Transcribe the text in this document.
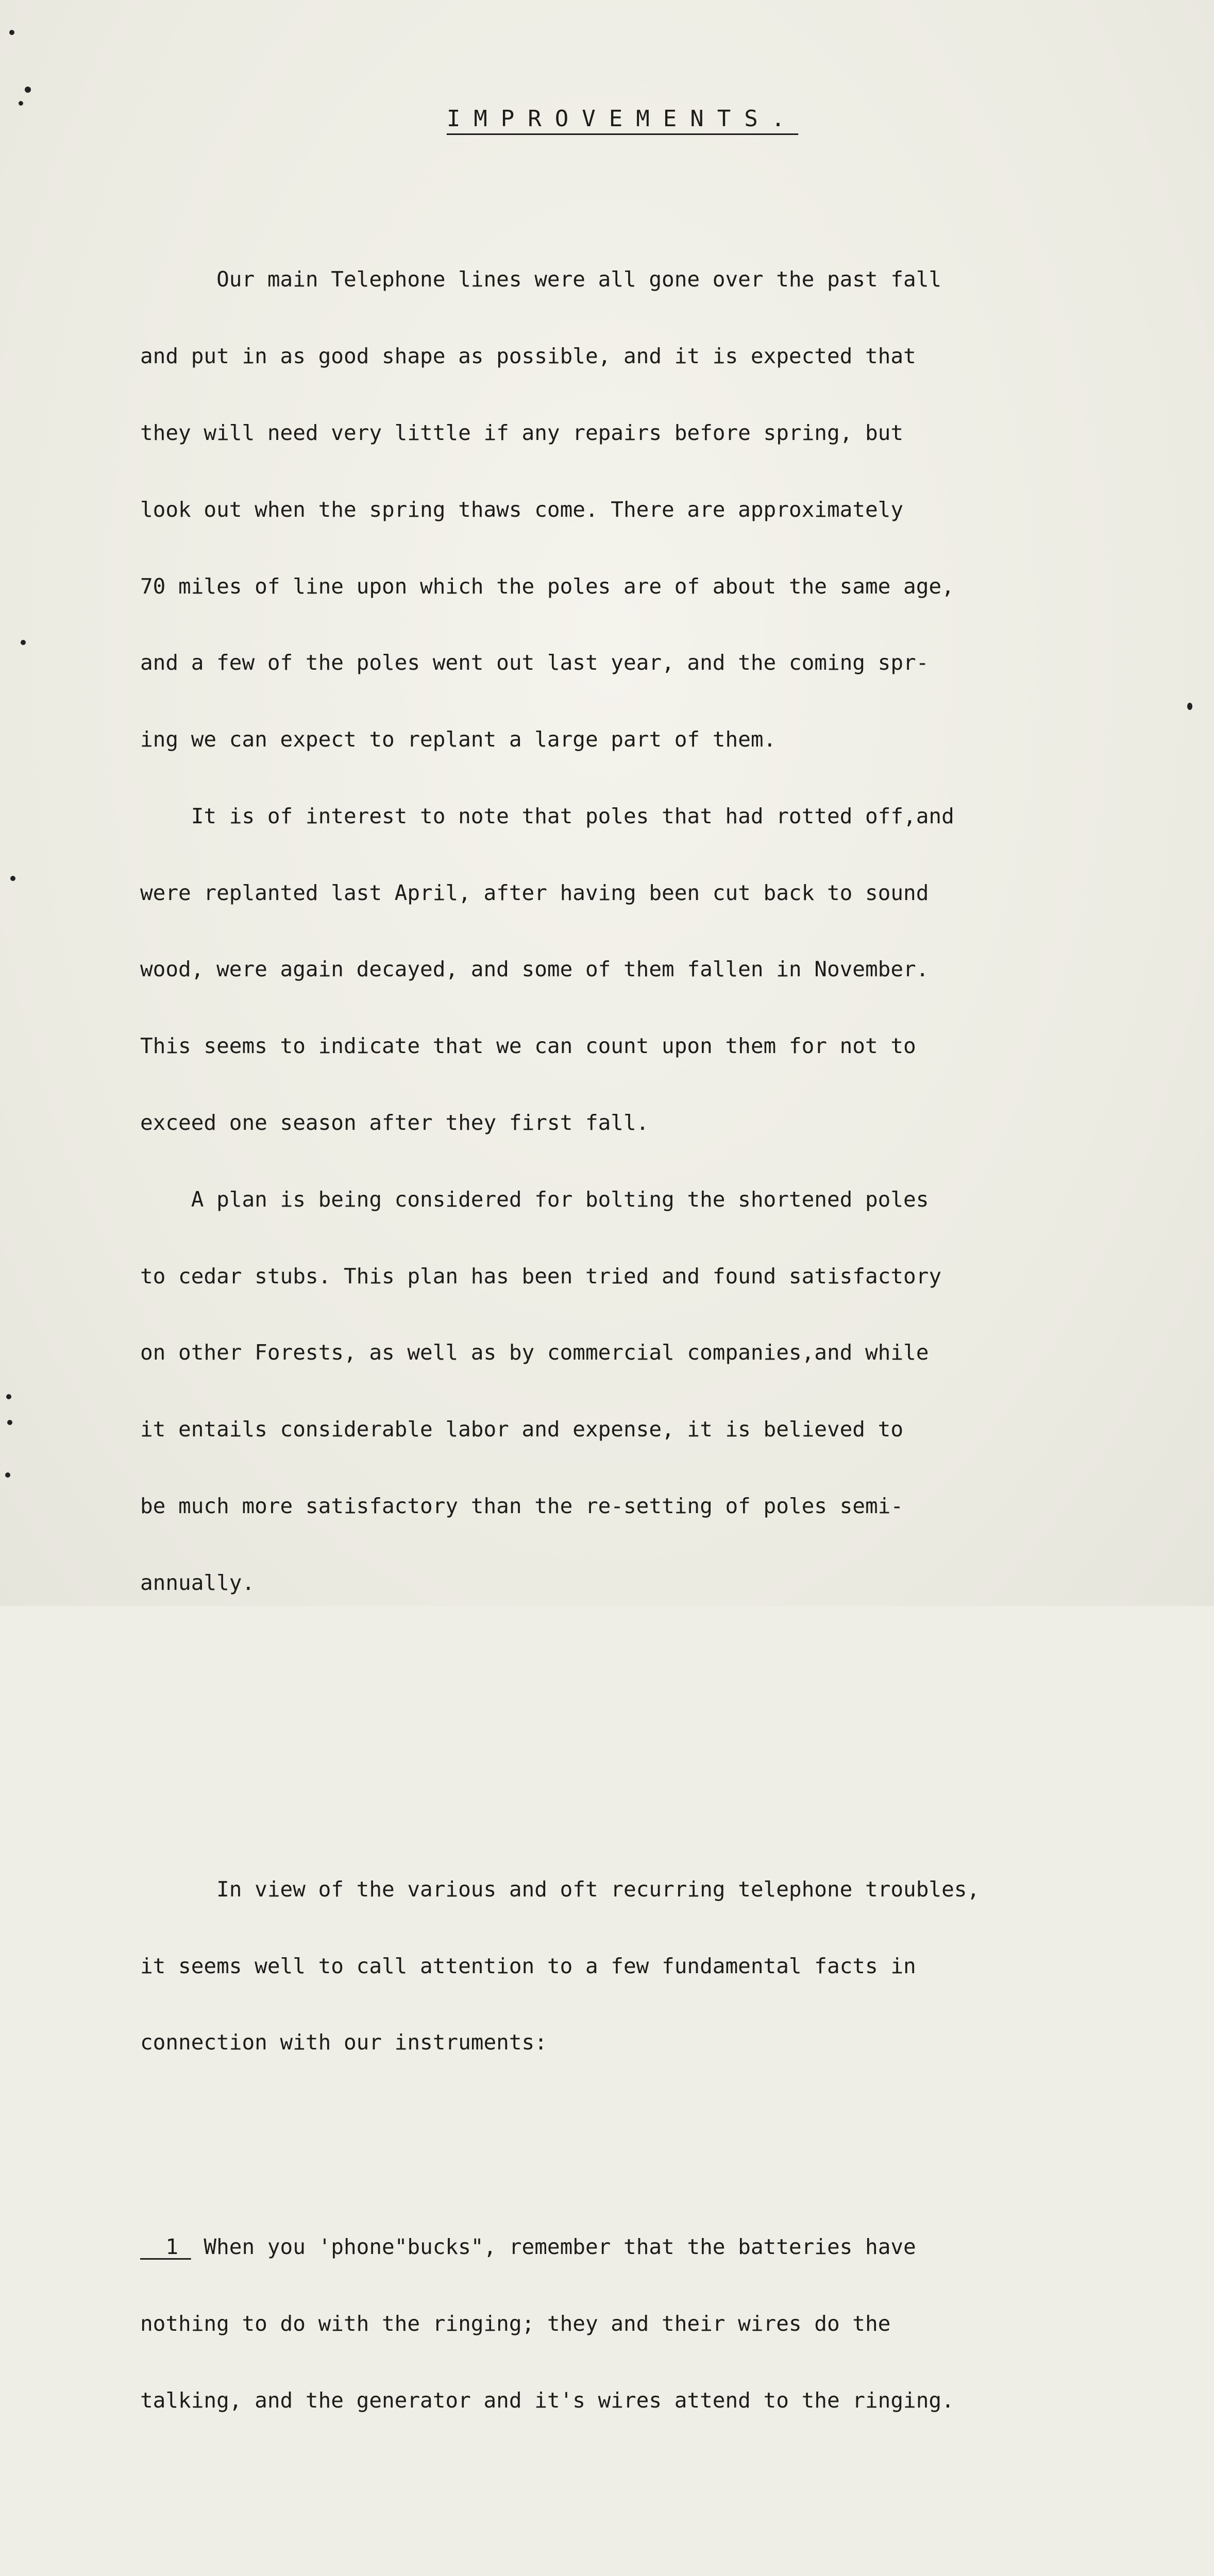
IMPROVEMENTS.

Our main Telephone lines were all gone over the past fall

and put in as good shape as possible, and it is expected that

they will need very little if any repairs before spring, but

look out when the spring thaws come. There are approximately

70 miles of line upon which the poles are of about the same age,

and a few of the poles went out last year, and the coming spr-

ing we can expect to replant a large part of them.

It is of interest to note that poles that had rotted off,and

were replanted last April, after having been cut back to sound

wood, were again decayed, and some of them fallen in November.

This seems to indicate that we can count upon them for not to

exceed one season after they first fall.

A plan is being considered for bolting the shortened poles

to cedar stubs. This plan has been tried and found satisfactory

on other Forests, as well as by commercial companies,and while

it entails considerable labor and expense, it is believed to

be much more satisfactory than the re-setting of poles semi-

annually.

In view of the various and oft recurring telephone troubles,

it seems well to call attention to a few fundamental facts in

connection with our instruments:

1  When you 'phone"bucks", remember that the batteries have

nothing to do with the ringing; they and their wires do the

talking, and the generator and it's wires attend to the ringing.
